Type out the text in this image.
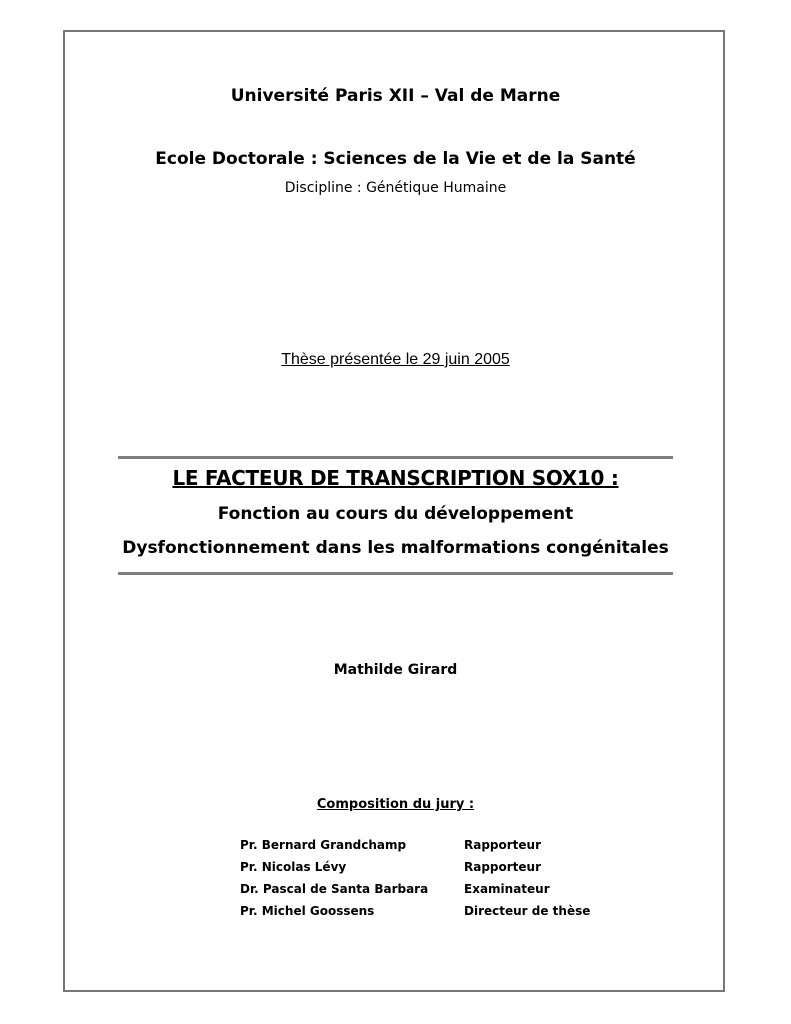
Université Paris XII – Val de Marne
Ecole Doctorale : Sciences de la Vie et de la Santé
Discipline : Génétique Humaine
Thèse présentée le 29 juin 2005
LE FACTEUR DE TRANSCRIPTION SOX10 :
Fonction au cours du développement
Dysfonctionnement dans les malformations congénitales
Mathilde Girard
Composition du jury :
Pr. Bernard Grandchamp	Rapporteur
Pr. Nicolas Lévy	Rapporteur
Dr. Pascal de Santa Barbara	Examinateur
Pr. Michel Goossens	Directeur de thèse
